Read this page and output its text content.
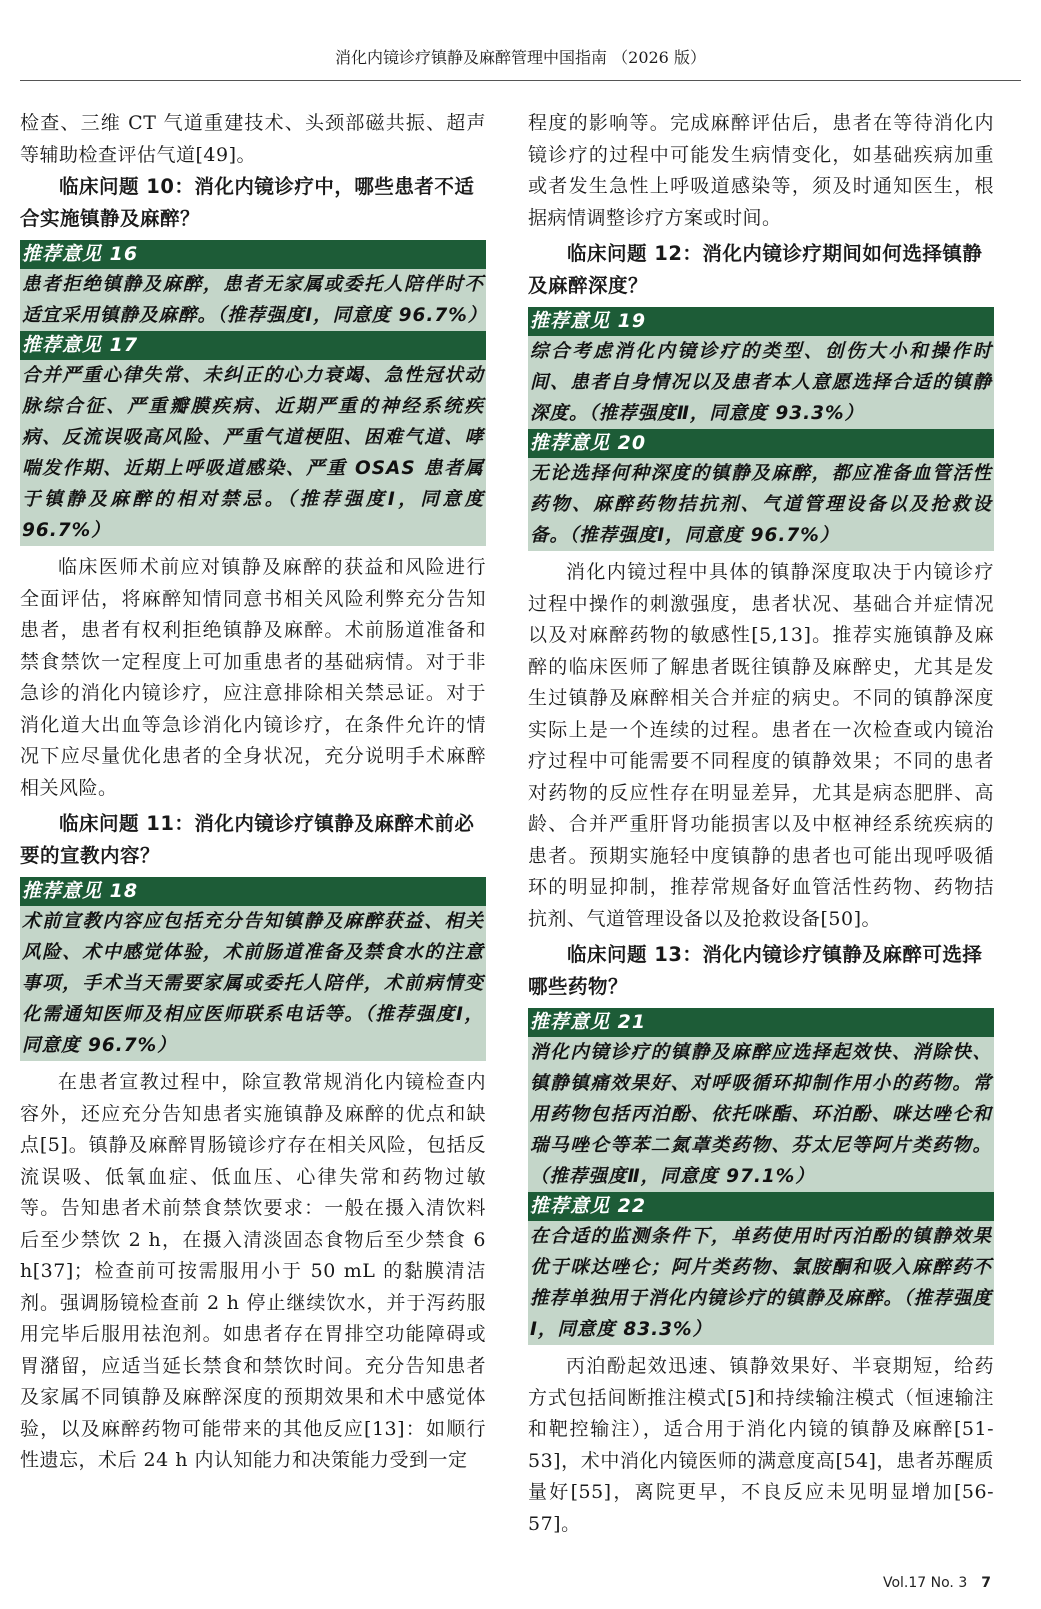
消化内镜诊疗镇静及麻醉管理中国指南 （2026 版）

检查、三维 CT 气道重建技术、头颈部磁共振、超声等辅助检查评估气道[49]。

临床问题 10：消化内镜诊疗中，哪些患者不适合实施镇静及麻醉？

推荐意见 16
患者拒绝镇静及麻醉，患者无家属或委托人陪伴时不适宜采用镇静及麻醉。（推荐强度Ⅰ，同意度 96.7%）
推荐意见 17
合并严重心律失常、未纠正的心力衰竭、急性冠状动脉综合征、严重瓣膜疾病、近期严重的神经系统疾病、反流误吸高风险、严重气道梗阻、困难气道、哮喘发作期、近期上呼吸道感染、严重 OSAS 患者属于镇静及麻醉的相对禁忌。（推荐强度Ⅰ，同意度 96.7%）

临床医师术前应对镇静及麻醉的获益和风险进行全面评估，将麻醉知情同意书相关风险利弊充分告知患者，患者有权利拒绝镇静及麻醉。术前肠道准备和禁食禁饮一定程度上可加重患者的基础病情。对于非急诊的消化内镜诊疗，应注意排除相关禁忌证。对于消化道大出血等急诊消化内镜诊疗，在条件允许的情况下应尽量优化患者的全身状况，充分说明手术麻醉相关风险。

临床问题 11：消化内镜诊疗镇静及麻醉术前必要的宣教内容？

推荐意见 18
术前宣教内容应包括充分告知镇静及麻醉获益、相关风险、术中感觉体验，术前肠道准备及禁食水的注意事项，手术当天需要家属或委托人陪伴，术前病情变化需通知医师及相应医师联系电话等。（推荐强度Ⅰ，同意度 96.7%）

在患者宣教过程中，除宣教常规消化内镜检查内容外，还应充分告知患者实施镇静及麻醉的优点和缺点[5]。镇静及麻醉胃肠镜诊疗存在相关风险，包括反流误吸、低氧血症、低血压、心律失常和药物过敏等。告知患者术前禁食禁饮要求：一般在摄入清饮料后至少禁饮 2 h，在摄入清淡固态食物后至少禁食 6 h[37]；检查前可按需服用小于 50 mL 的黏膜清洁剂。强调肠镜检查前 2 h 停止继续饮水，并于泻药服用完毕后服用祛泡剂。如患者存在胃排空功能障碍或胃潴留，应适当延长禁食和禁饮时间。充分告知患者及家属不同镇静及麻醉深度的预期效果和术中感觉体验，以及麻醉药物可能带来的其他反应[13]：如顺行性遗忘，术后 24 h 内认知能力和决策能力受到一定

程度的影响等。完成麻醉评估后，患者在等待消化内镜诊疗的过程中可能发生病情变化，如基础疾病加重或者发生急性上呼吸道感染等，须及时通知医生，根据病情调整诊疗方案或时间。

临床问题 12：消化内镜诊疗期间如何选择镇静及麻醉深度？

推荐意见 19
综合考虑消化内镜诊疗的类型、创伤大小和操作时间、患者自身情况以及患者本人意愿选择合适的镇静深度。（推荐强度Ⅱ，同意度 93.3%）
推荐意见 20
无论选择何种深度的镇静及麻醉，都应准备血管活性药物、麻醉药物拮抗剂、气道管理设备以及抢救设备。（推荐强度Ⅰ，同意度 96.7%）

消化内镜过程中具体的镇静深度取决于内镜诊疗过程中操作的刺激强度，患者状况、基础合并症情况以及对麻醉药物的敏感性[5,13]。推荐实施镇静及麻醉的临床医师了解患者既往镇静及麻醉史，尤其是发生过镇静及麻醉相关合并症的病史。不同的镇静深度实际上是一个连续的过程。患者在一次检查或内镜治疗过程中可能需要不同程度的镇静效果；不同的患者对药物的反应性存在明显差异，尤其是病态肥胖、高龄、合并严重肝肾功能损害以及中枢神经系统疾病的患者。预期实施轻中度镇静的患者也可能出现呼吸循环的明显抑制，推荐常规备好血管活性药物、药物拮抗剂、气道管理设备以及抢救设备[50]。

临床问题 13：消化内镜诊疗镇静及麻醉可选择哪些药物？

推荐意见 21
消化内镜诊疗的镇静及麻醉应选择起效快、消除快、镇静镇痛效果好、对呼吸循环抑制作用小的药物。常用药物包括丙泊酚、依托咪酯、环泊酚、咪达唑仑和瑞马唑仑等苯二氮䓬类药物、芬太尼等阿片类药物。（推荐强度Ⅱ，同意度 97.1%）
推荐意见 22
在合适的监测条件下，单药使用时丙泊酚的镇静效果优于咪达唑仑；阿片类药物、氯胺酮和吸入麻醉药不推荐单独用于消化内镜诊疗的镇静及麻醉。（推荐强度Ⅰ，同意度 83.3%）

丙泊酚起效迅速、镇静效果好、半衰期短，给药方式包括间断推注模式[5]和持续输注模式（恒速输注和靶控输注），适合用于消化内镜的镇静及麻醉[51-53]，术中消化内镜医师的满意度高[54]，患者苏醒质量好[55]，离院更早，不良反应未见明显增加[56-57]。

Vol.17 No. 3 7
